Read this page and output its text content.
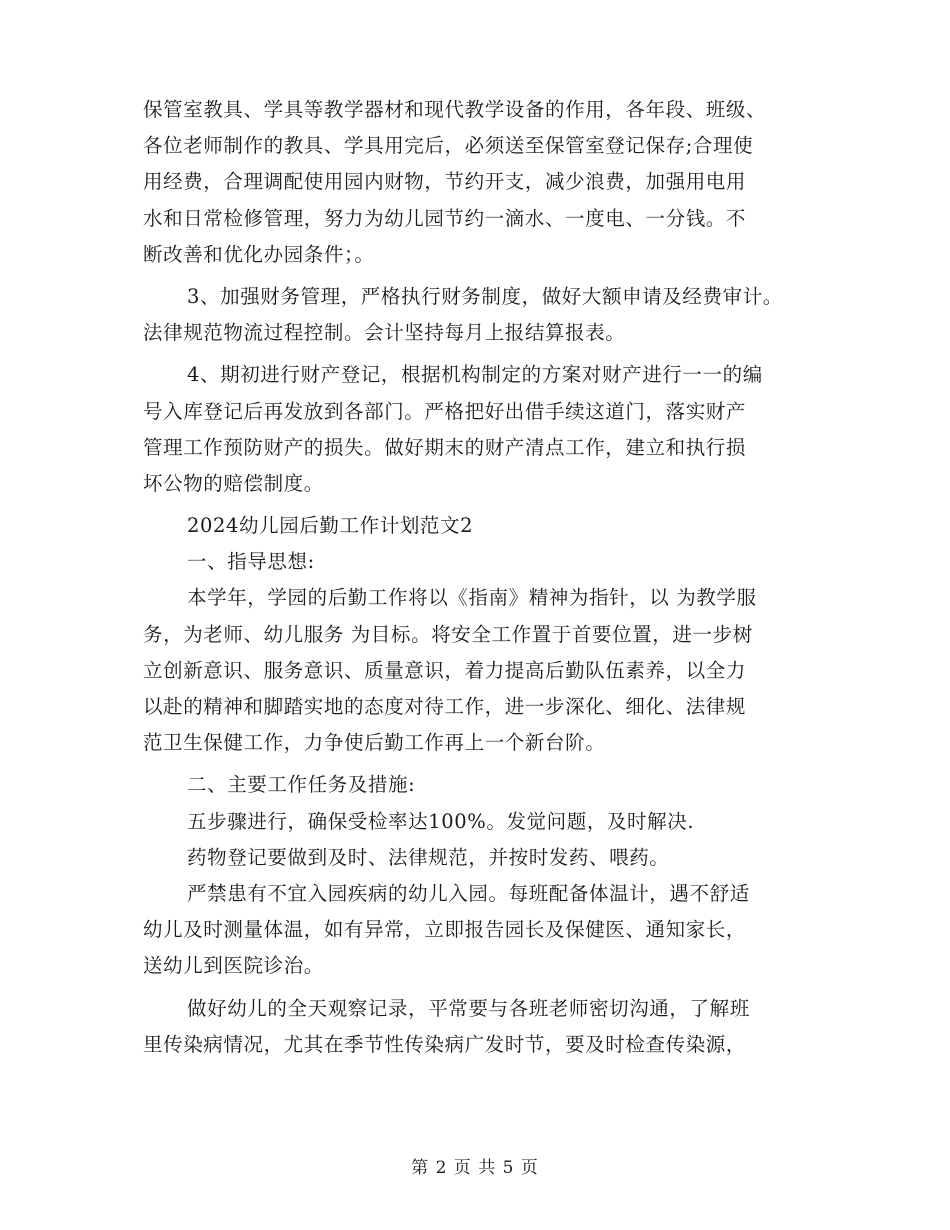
保管室教具、学具等教学器材和现代教学设备的作用，各年段、班级、
各位老师制作的教具、学具用完后，必须送至保管室登记保存;合理使
用经费，合理调配使用园内财物，节约开支，减少浪费，加强用电用
水和日常检修管理，努力为幼儿园节约一滴水、一度电、一分钱。不
断改善和优化办园条件；。
3、加强财务管理，严格执行财务制度，做好大额申请及经费审计。
法律规范物流过程控制。会计坚持每月上报结算报表。
4、期初进行财产登记，根据机构制定的方案对财产进行一一的编
号入库登记后再发放到各部门。严格把好出借手续这道门，落实财产
管理工作预防财产的损失。做好期末的财产清点工作，建立和执行损
坏公物的赔偿制度。
2024幼儿园后勤工作计划范文2
一、指导思想:
本学年，学园的后勤工作将以《指南》精神为指针，以 为教学服
务，为老师、幼儿服务 为目标。将安全工作置于首要位置，进一步树
立创新意识、服务意识、质量意识，着力提高后勤队伍素养，以全力
以赴的精神和脚踏实地的态度对待工作，进一步深化、细化、法律规
范卫生保健工作，力争使后勤工作再上一个新台阶。
二、主要工作任务及措施:
五步骤进行，确保受检率达100%。发觉问题，及时解决.
药物登记要做到及时、法律规范，并按时发药、喂药。
严禁患有不宜入园疾病的幼儿入园。每班配备体温计，遇不舒适
幼儿及时测量体温，如有异常，立即报告园长及保健医、通知家长，
送幼儿到医院诊治。
做好幼儿的全天观察记录，平常要与各班老师密切沟通，了解班
里传染病情况，尤其在季节性传染病广发时节，要及时检查传染源，
第 2 页 共 5 页
